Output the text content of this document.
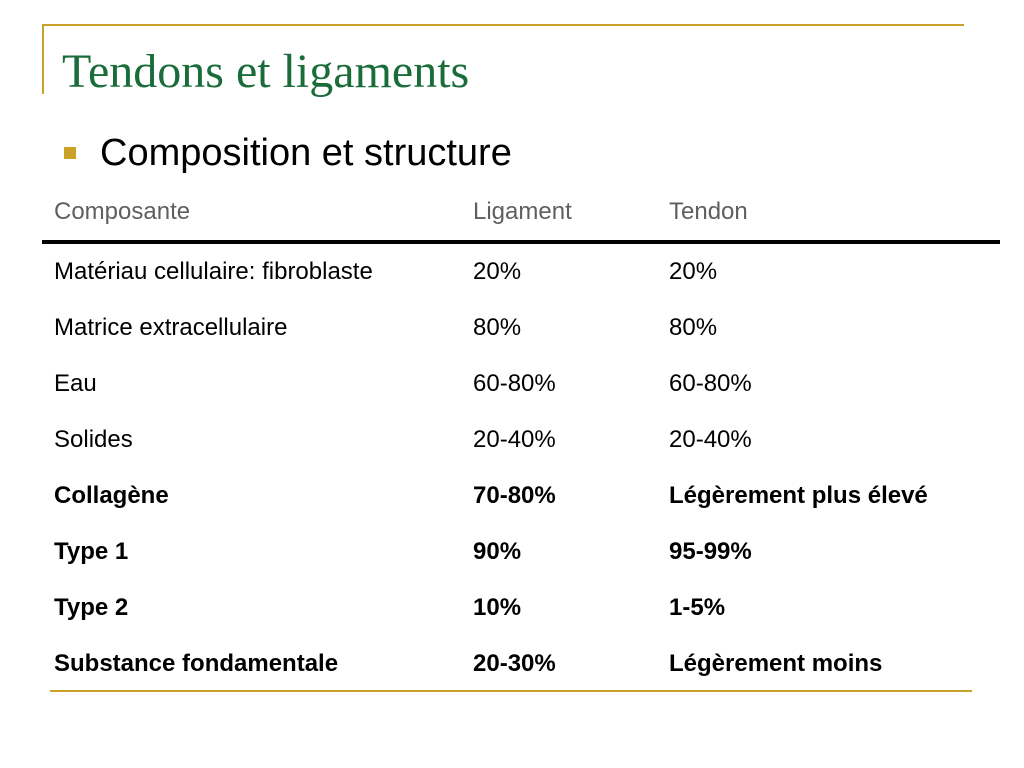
Tendons et ligaments
Composition et structure
Composante	Ligament	Tendon
Matériau cellulaire: fibroblaste	20%	20%
Matrice extracellulaire	80%	80%
Eau	60-80%	60-80%
Solides	20-40%	20-40%
Collagène	70-80%	Légèrement plus élevé
Type 1	90%	95-99%
Type 2	10%	1-5%
Substance fondamentale	20-30%	Légèrement moins
